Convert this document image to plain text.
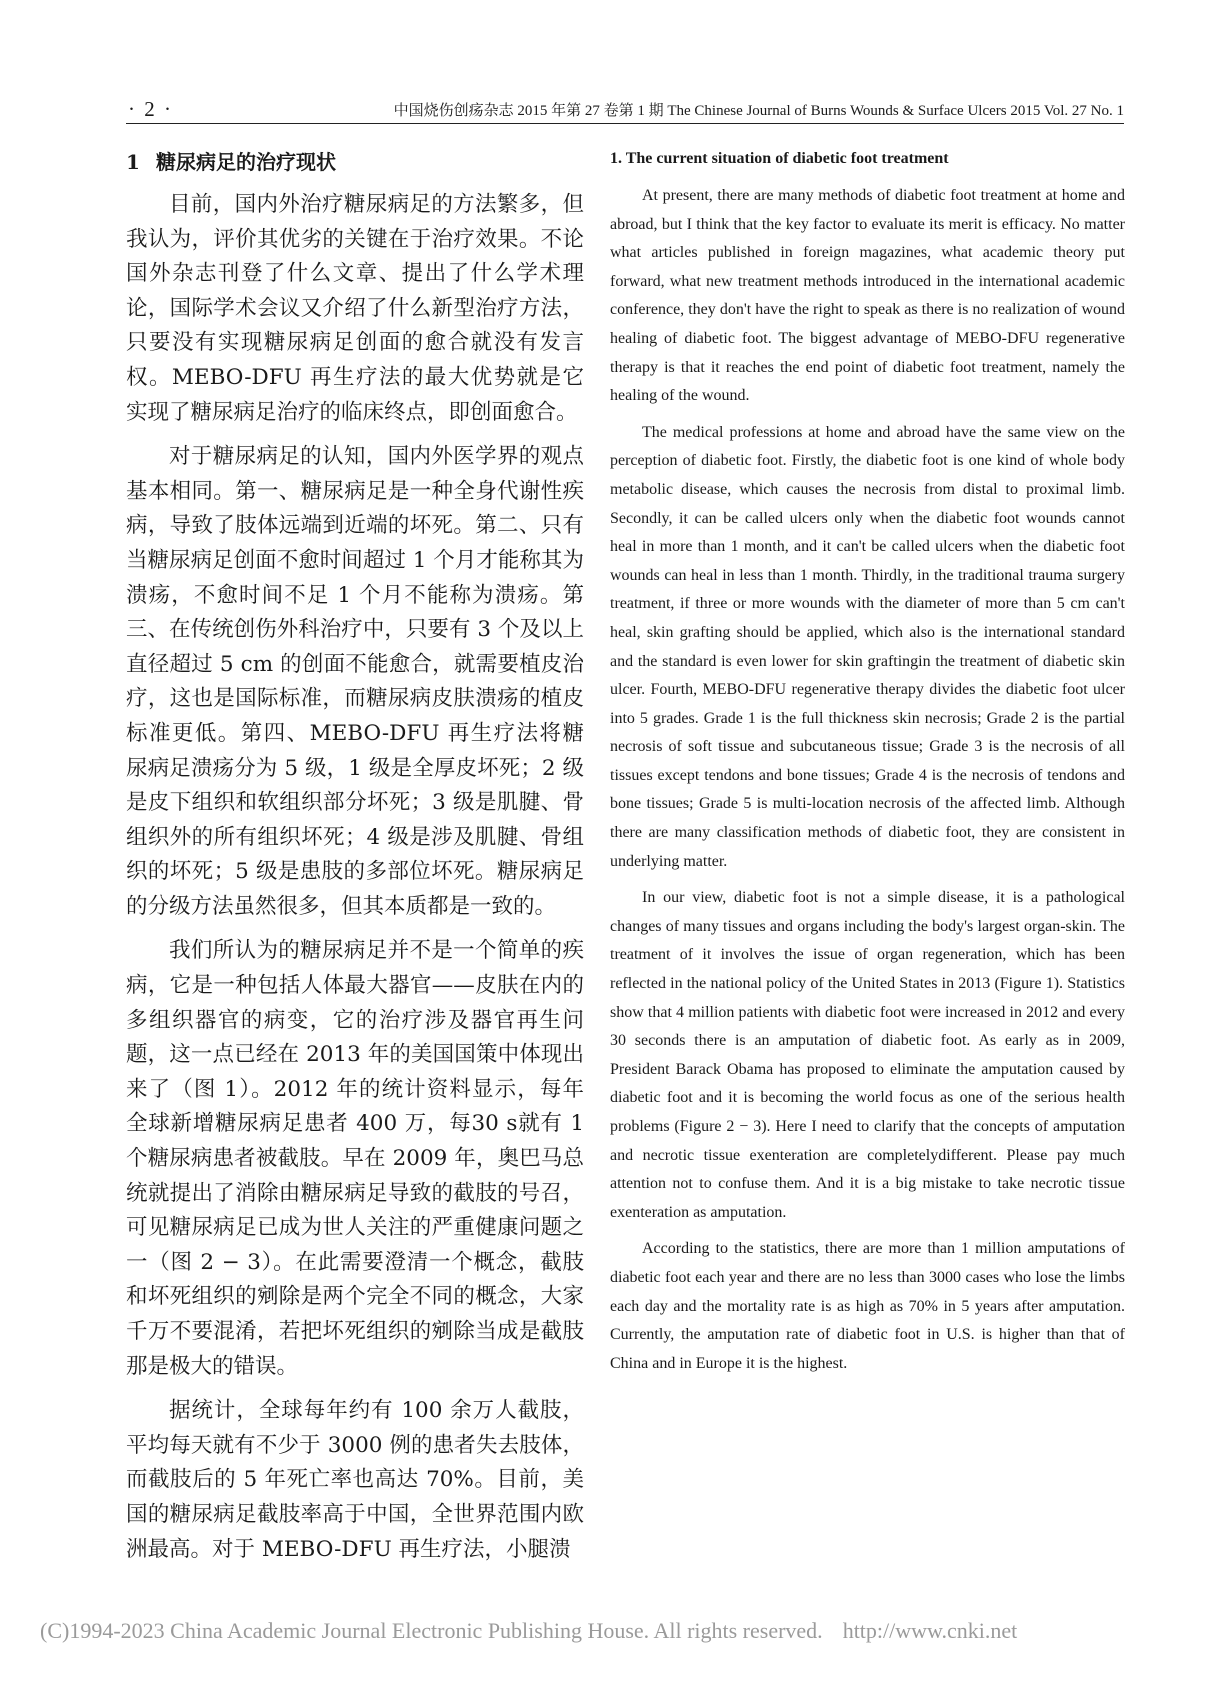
· 2 ·	中国烧伤创疡杂志 2015 年第 27 卷第 1 期 The Chinese Journal of Burns Wounds & Surface Ulcers 2015 Vol. 27 No. 1
1 糖尿病足的治疗现状

目前，国内外治疗糖尿病足的方法繁多，但我认为，评价其优劣的关键在于治疗效果。不论国外杂志刊登了什么文章、提出了什么学术理论，国际学术会议又介绍了什么新型治疗方法，只要没有实现糖尿病足创面的愈合就没有发言权。MEBO-DFU 再生疗法的最大优势就是它实现了糖尿病足治疗的临床终点，即创面愈合。

对于糖尿病足的认知，国内外医学界的观点基本相同。第一、糖尿病足是一种全身代谢性疾病，导致了肢体远端到近端的坏死。第二、只有当糖尿病足创面不愈时间超过 1 个月才能称其为溃疡，不愈时间不足 1 个月不能称为溃疡。第三、在传统创伤外科治疗中，只要有 3 个及以上直径超过 5 cm 的创面不能愈合，就需要植皮治疗，这也是国际标准，而糖尿病皮肤溃疡的植皮标准更低。第四、MEBO-DFU 再生疗法将糖尿病足溃疡分为 5 级，1 级是全厚皮坏死；2 级是皮下组织和软组织部分坏死；3 级是肌腱、骨组织外的所有组织坏死；4 级是涉及肌腱、骨组织的坏死；5 级是患肢的多部位坏死。糖尿病足的分级方法虽然很多，但其本质都是一致的。

我们所认为的糖尿病足并不是一个简单的疾病，它是一种包括人体最大器官——皮肤在内的多组织器官的病变，它的治疗涉及器官再生问题，这一点已经在 2013 年的美国国策中体现出来了（图 1）。2012 年的统计资料显示，每年全球新增糖尿病足患者 400 万，每30 s就有 1 个糖尿病患者被截肢。早在 2009 年，奥巴马总统就提出了消除由糖尿病足导致的截肢的号召，可见糖尿病足已成为世人关注的严重健康问题之一（图 2 − 3）。在此需要澄清一个概念，截肢和坏死组织的剜除是两个完全不同的概念，大家千万不要混淆，若把坏死组织的剜除当成是截肢那是极大的错误。

据统计，全球每年约有 100 余万人截肢，平均每天就有不少于 3000 例的患者失去肢体，而截肢后的 5 年死亡率也高达 70%。目前，美国的糖尿病足截肢率高于中国，全世界范围内欧洲最高。对于 MEBO-DFU 再生疗法，小腿溃

1. The current situation of diabetic foot treatment

At present, there are many methods of diabetic foot treatment at home and abroad, but I think that the key factor to evaluate its merit is efficacy. No matter what articles published in foreign magazines, what academic theory put forward, what new treatment methods introduced in the international academic conference, they don't have the right to speak as there is no realization of wound healing of diabetic foot. The biggest advantage of MEBO-DFU regenerative therapy is that it reaches the end point of diabetic foot treatment, namely the healing of the wound.

The medical professions at home and abroad have the same view on the perception of diabetic foot. Firstly, the diabetic foot is one kind of whole body metabolic disease, which causes the necrosis from distal to proximal limb. Secondly, it can be called ulcers only when the diabetic foot wounds cannot heal in more than 1 month, and it can't be called ulcers when the diabetic foot wounds can heal in less than 1 month. Thirdly, in the traditional trauma surgery treatment, if three or more wounds with the diameter of more than 5 cm can't heal, skin grafting should be applied, which also is the international standard and the standard is even lower for skin graftingin the treatment of diabetic skin ulcer. Fourth, MEBO-DFU regenerative therapy divides the diabetic foot ulcer into 5 grades. Grade 1 is the full thickness skin necrosis; Grade 2 is the partial necrosis of soft tissue and subcutaneous tissue; Grade 3 is the necrosis of all tissues except tendons and bone tissues; Grade 4 is the necrosis of tendons and bone tissues; Grade 5 is multi-location necrosis of the affected limb. Although there are many classification methods of diabetic foot, they are consistent in underlying matter.

In our view, diabetic foot is not a simple disease, it is a pathological changes of many tissues and organs including the body's largest organ-skin. The treatment of it involves the issue of organ regeneration, which has been reflected in the national policy of the United States in 2013 (Figure 1). Statistics show that 4 million patients with diabetic foot were increased in 2012 and every 30 seconds there is an amputation of diabetic foot. As early as in 2009, President Barack Obama has proposed to eliminate the amputation caused by diabetic foot and it is becoming the world focus as one of the serious health problems (Figure 2 − 3). Here I need to clarify that the concepts of amputation and necrotic tissue exenteration are completelydifferent. Please pay much attention not to confuse them. And it is a big mistake to take necrotic tissue exenteration as amputation.

According to the statistics, there are more than 1 million amputations of diabetic foot each year and there are no less than 3000 cases who lose the limbs each day and the mortality rate is as high as 70% in 5 years after amputation. Currently, the amputation rate of diabetic foot in U.S. is higher than that of China and in Europe it is the highest.

(C)1994-2023 China Academic Journal Electronic Publishing House. All rights reserved. http://www.cnki.net
